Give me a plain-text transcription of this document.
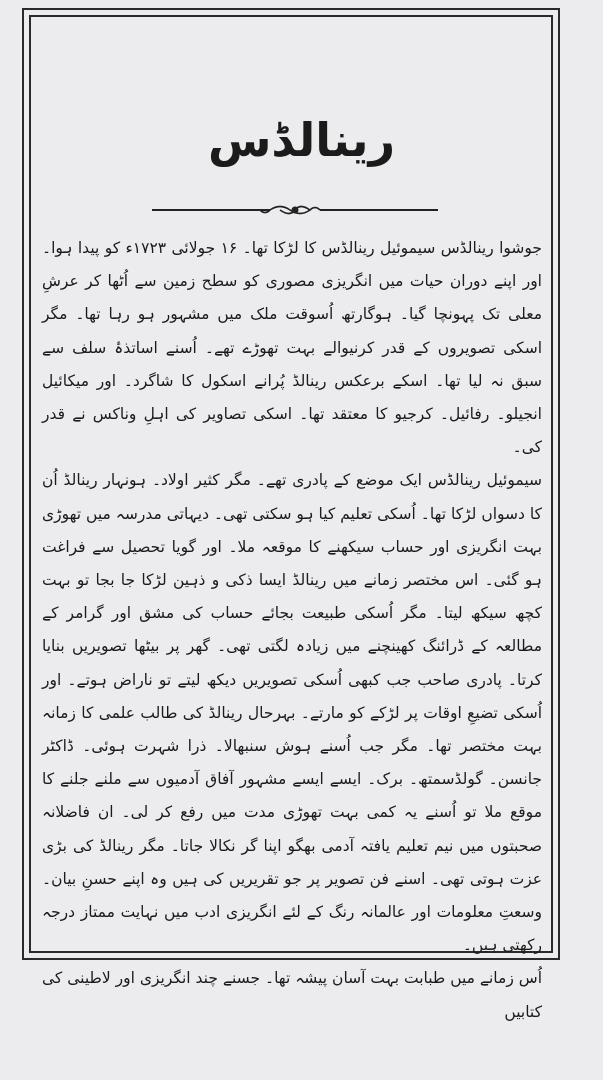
رینالڈس

جوشوا رینالڈس سیموئیل رینالڈس کا لڑکا تھا۔ ۱۶ جولائی ۱۷۲۳ء کو پیدا ہوا۔ اور اپنے دوران حیات میں انگریزی مصوری کو سطح زمین سے اُٹھا کر عرشِ معلی تک پہونچا گیا۔ ہوگارتھ اُسوقت ملک میں مشہور ہو رہا تھا۔ مگر اسکی تصویروں کے قدر کرنیوالے بہت تھوڑے تھے۔ اُسنے اساتذۂ سلف سے سبق نہ لیا تھا۔ اسکے برعکس رینالڈ پُرانے اسکول کا شاگرد۔ اور میکائیل انجیلو۔ رفائیل۔ کرجیو کا معتقد تھا۔ اسکی تصاویر کی اہلِ وناکس نے قدر کی۔

سیموئیل رینالڈس ایک موضع کے پادری تھے۔ مگر کثیر اولاد۔ ہونہار رینالڈ اُن کا دسواں لڑکا تھا۔ اُسکی تعلیم کیا ہو سکتی تھی۔ دیہاتی مدرسہ میں تھوڑی بہت انگریزی اور حساب سیکھنے کا موقعہ ملا۔ اور گویا تحصیل سے فراغت ہو گئی۔ اس مختصر زمانے میں رینالڈ ایسا ذکی و ذہین لڑکا جا بجا تو بہت کچھ سیکھ لیتا۔ مگر اُسکی طبیعت بجائے حساب کی مشق اور گرامر کے مطالعہ کے ڈرائنگ کھینچنے میں زیادہ لگتی تھی۔ گھر پر بیٹھا تصویریں بنایا کرتا۔ پادری صاحب جب کبھی اُسکی تصویریں دیکھ لیتے تو ناراض ہوتے۔ اور اُسکی تضیعِ اوقات پر لڑکے کو مارتے۔ بہرحال رینالڈ کی طالب علمی کا زمانہ بہت مختصر تھا۔ مگر جب اُسنے ہوش سنبھالا۔ ذرا شہرت ہوئی۔ ڈاکٹر جانسن۔ گولڈسمتھ۔ برک۔ ایسے ایسے مشہور آفاق آدمیوں سے ملنے جلنے کا موقع ملا تو اُسنے یہ کمی بہت تھوڑی مدت میں رفع کر لی۔ ان فاضلانہ صحبتوں میں نیم تعلیم یافتہ آدمی بھگو اپنا گر نکالا جاتا۔ مگر رینالڈ کی بڑی عزت ہوتی تھی۔ اسنے فن تصویر پر جو تقریریں کی ہیں وہ اپنے حسنِ بیان۔ وسعتِ معلومات اور عالمانہ رنگ کے لئے انگریزی ادب میں نہایت ممتاز درجہ رکھتی ہیں۔

اُس زمانے میں طبابت بہت آسان پیشہ تھا۔ جسنے چند انگریزی اور لاطینی کی کتابیں
